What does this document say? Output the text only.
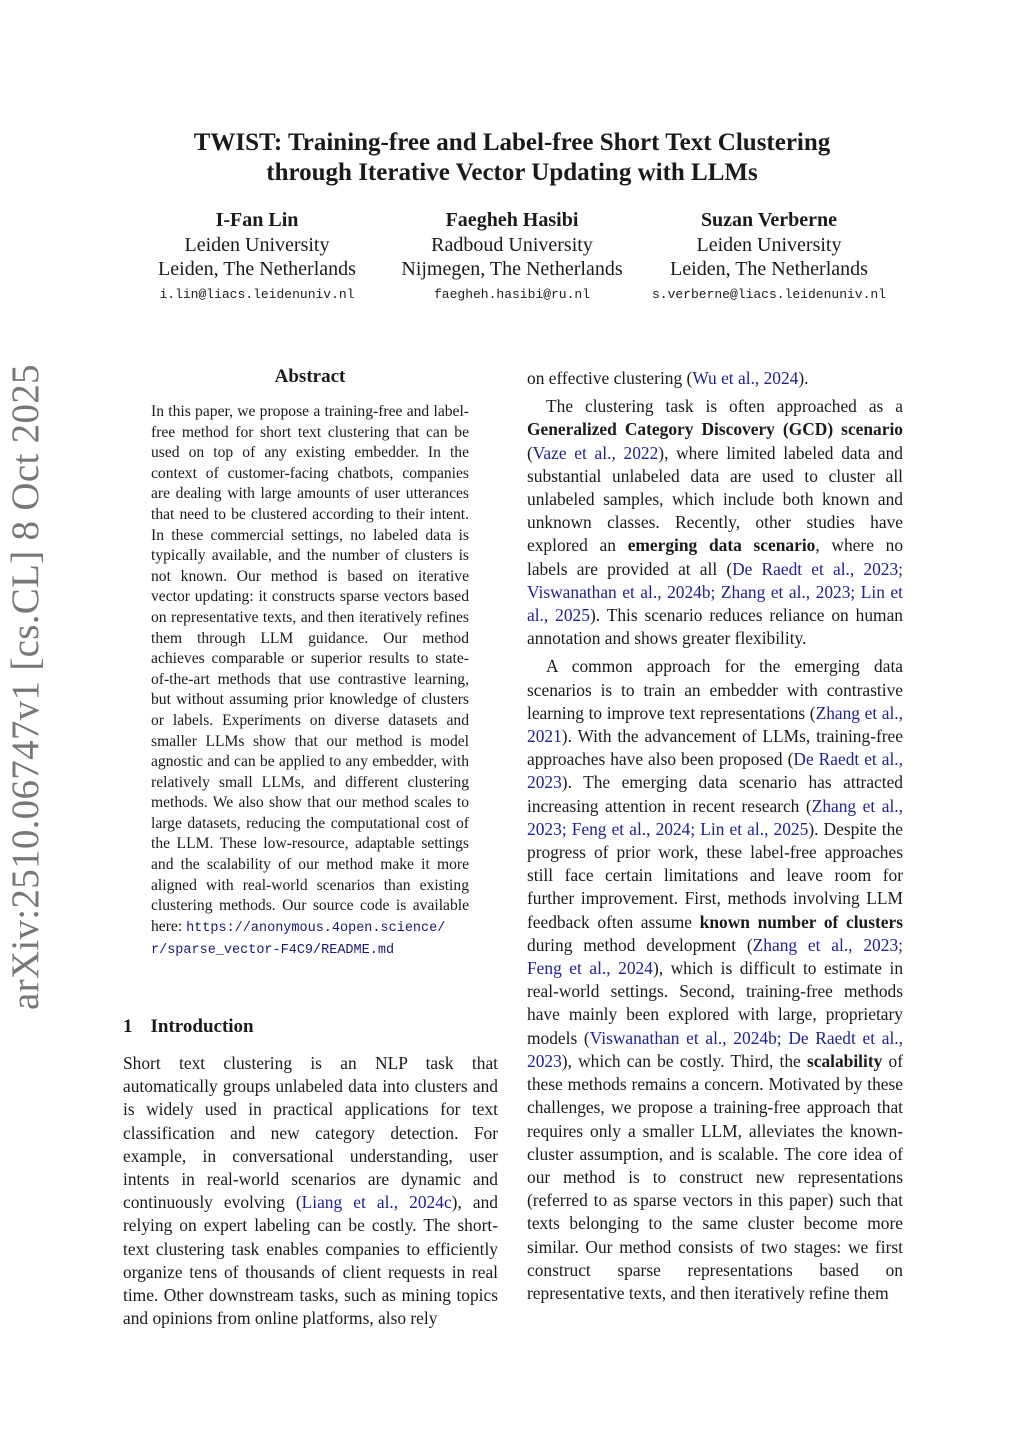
arXiv:2510.06747v1 [cs.CL] 8 Oct 2025
TWIST: Training-free and Label-free Short Text Clustering
through Iterative Vector Updating with LLMs
I-Fan Lin
Leiden University
Leiden, The Netherlands
i.lin@liacs.leidenuniv.nl
Faegheh Hasibi
Radboud University
Nijmegen, The Netherlands
faegheh.hasibi@ru.nl
Suzan Verberne
Leiden University
Leiden, The Netherlands
s.verberne@liacs.leidenuniv.nl
Abstract
In this paper, we propose a training-free and label-free method for short text clustering that can be used on top of any existing embedder. In the context of customer-facing chatbots, companies are dealing with large amounts of user utterances that need to be clustered according to their intent. In these commercial settings, no labeled data is typically available, and the number of clusters is not known. Our method is based on iterative vector updating: it constructs sparse vectors based on representative texts, and then iteratively refines them through LLM guidance. Our method achieves comparable or superior results to state-of-the-art methods that use contrastive learning, but without assuming prior knowledge of clusters or labels. Experiments on diverse datasets and smaller LLMs show that our method is model agnostic and can be applied to any embedder, with relatively small LLMs, and different clustering methods. We also show that our method scales to large datasets, reducing the computational cost of the LLM. These low-resource, adaptable settings and the scalability of our method make it more aligned with real-world scenarios than existing clustering methods. Our source code is available here: https://anonymous.4open.science/
r/sparse_vector-F4C9/README.md
1 Introduction

Short text clustering is an NLP task that automatically groups unlabeled data into clusters and is widely used in practical applications for text classification and new category detection. For example, in conversational understanding, user intents in real-world scenarios are dynamic and continuously evolving (Liang et al., 2024c), and relying on expert labeling can be costly. The short-text clustering task enables companies to efficiently organize tens of thousands of client requests in real time. Other downstream tasks, such as mining topics and opinions from online platforms, also rely

on effective clustering (Wu et al., 2024).

The clustering task is often approached as a Generalized Category Discovery (GCD) scenario (Vaze et al., 2022), where limited labeled data and substantial unlabeled data are used to cluster all unlabeled samples, which include both known and unknown classes. Recently, other studies have explored an emerging data scenario, where no labels are provided at all (De Raedt et al., 2023; Viswanathan et al., 2024b; Zhang et al., 2023; Lin et al., 2025). This scenario reduces reliance on human annotation and shows greater flexibility.

A common approach for the emerging data scenarios is to train an embedder with contrastive learning to improve text representations (Zhang et al., 2021). With the advancement of LLMs, training-free approaches have also been proposed (De Raedt et al., 2023). The emerging data scenario has attracted increasing attention in recent research (Zhang et al., 2023; Feng et al., 2024; Lin et al., 2025). Despite the progress of prior work, these label-free approaches still face certain limitations and leave room for further improvement. First, methods involving LLM feedback often assume known number of clusters during method development (Zhang et al., 2023; Feng et al., 2024), which is difficult to estimate in real-world settings. Second, training-free methods have mainly been explored with large, proprietary models (Viswanathan et al., 2024b; De Raedt et al., 2023), which can be costly. Third, the scalability of these methods remains a concern. Motivated by these challenges, we propose a training-free approach that requires only a smaller LLM, alleviates the known-cluster assumption, and is scalable. The core idea of our method is to construct new representations (referred to as sparse vectors in this paper) such that texts belonging to the same cluster become more similar. Our method consists of two stages: we first construct sparse representations based on representative texts, and then iteratively refine them
